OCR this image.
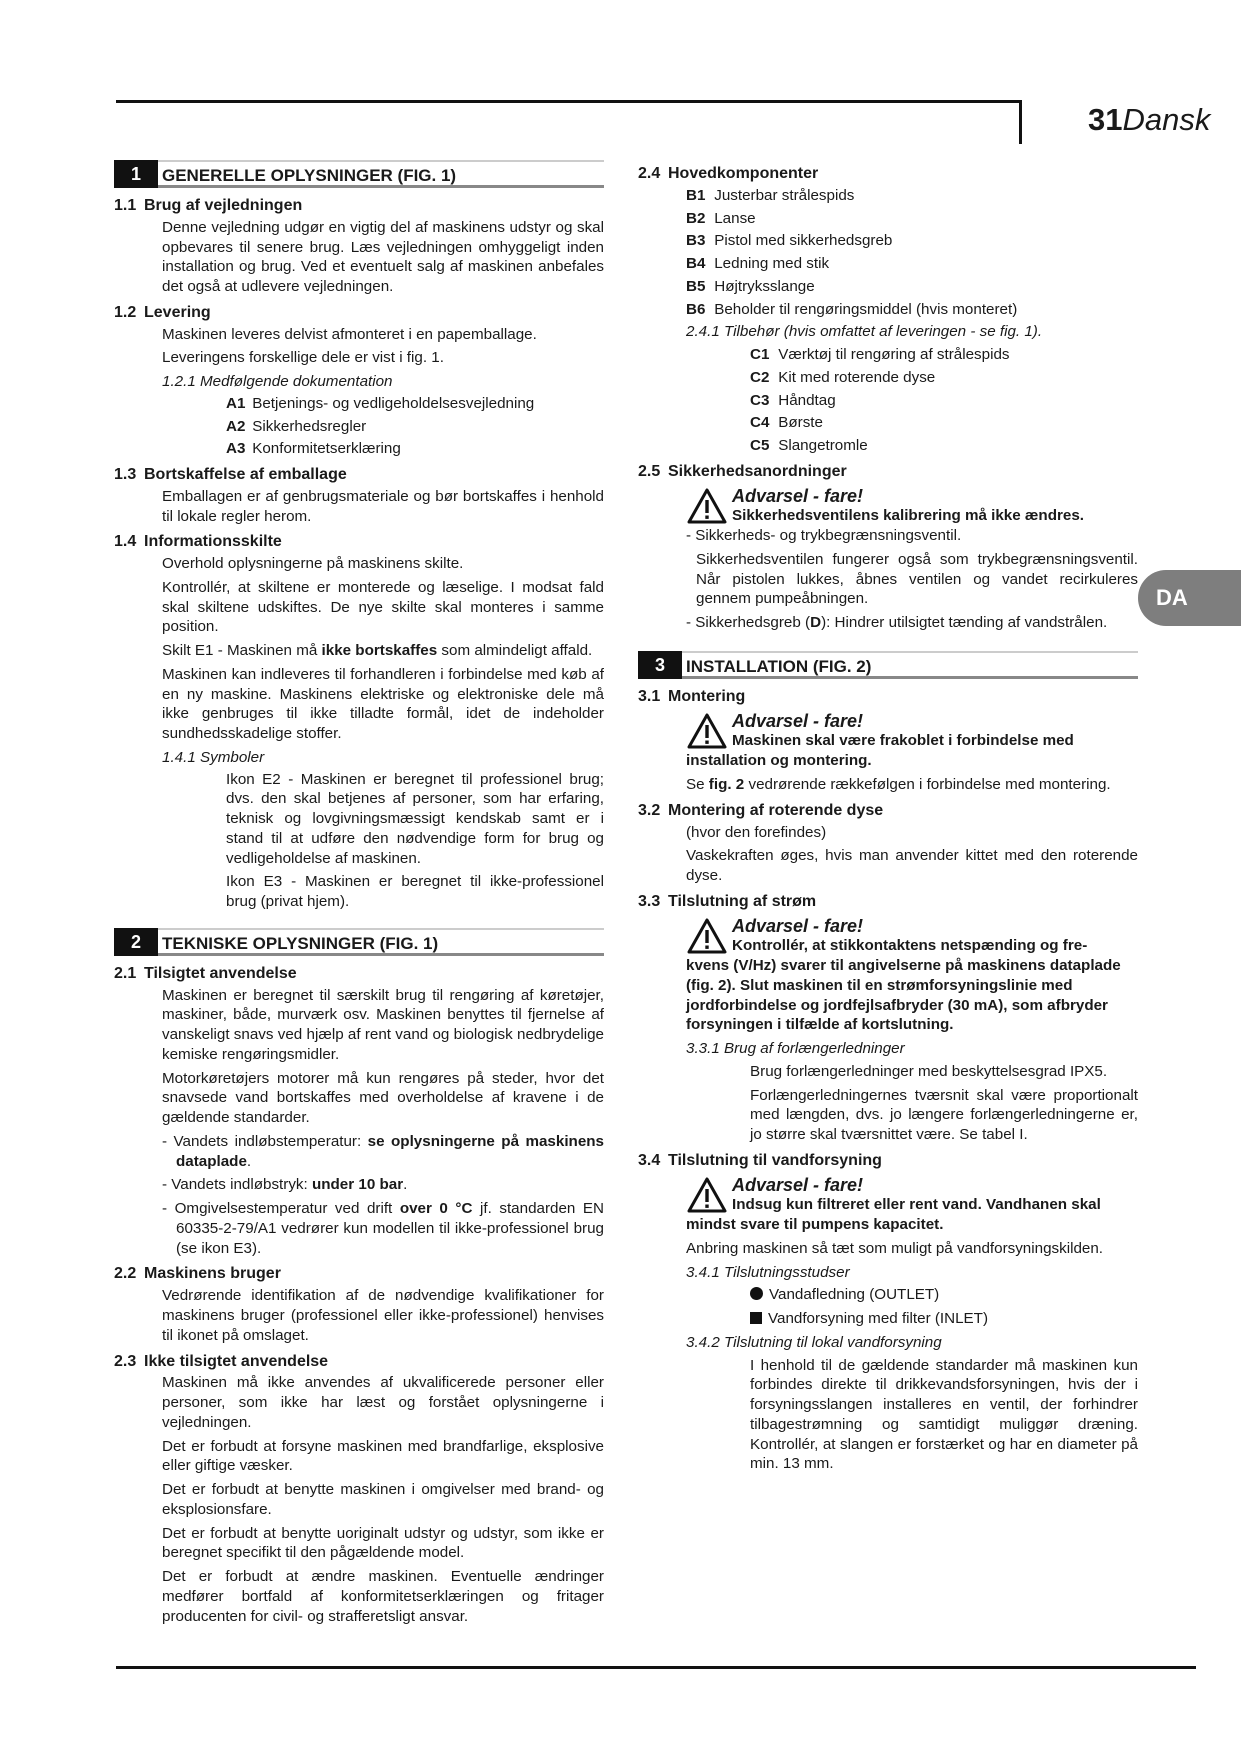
31Dansk
DA
1	GENERELLE OPLYSNINGER (FIG. 1)
1.1 Brug af vejledningen
Denne vejledning udgør en vigtig del af maskinens udstyr og skal opbevares til senere brug. Læs vejledningen omhyggeligt inden installation og brug. Ved et eventuelt salg af maskinen anbefales det også at udlevere vejledningen.
1.2 Levering
Maskinen leveres delvist afmonteret i en papemballage.
Leveringens forskellige dele er vist i fig. 1.
1.2.1 Medfølgende dokumentation
A1 Betjenings- og vedligeholdelsesvejledning
A2 Sikkerhedsregler
A3 Konformitetserklæring
1.3 Bortskaffelse af emballage
Emballagen er af genbrugsmateriale og bør bortskaffes i henhold til lokale regler herom.
1.4 Informationsskilte
Overhold oplysningerne på maskinens skilte.
Kontrollér, at skiltene er monterede og læselige. I modsat fald skal skiltene udskiftes. De nye skilte skal monteres i samme position.
Skilt E1 - Maskinen må ikke bortskaffes som almindeligt affald.
Maskinen kan indleveres til forhandleren i forbindelse med køb af en ny maskine. Maskinens elektriske og elektroniske dele må ikke genbruges til ikke tilladte formål, idet de indeholder sundhedsskadelige stoffer.
1.4.1 Symboler
Ikon E2 - Maskinen er beregnet til professionel brug; dvs. den skal betjenes af personer, som har erfaring, teknisk og lovgivningsmæssigt kendskab samt er i stand til at udføre den nødvendige form for brug og vedligeholdelse af maskinen.
Ikon E3 - Maskinen er beregnet til ikke-professionel brug (privat hjem).
2	TEKNISKE OPLYSNINGER (FIG. 1)
2.1 Tilsigtet anvendelse
Maskinen er beregnet til særskilt brug til rengøring af køretøjer, maskiner, både, murværk osv. Maskinen benyttes til fjernelse af vanskeligt snavs ved hjælp af rent vand og biologisk nedbrydelige kemiske rengøringsmidler.
Motorkøretøjers motorer må kun rengøres på steder, hvor det snavsede vand bortskaffes med overholdelse af kravene i de gældende standarder.
- Vandets indløbstemperatur: se oplysningerne på maskinens dataplade.
- Vandets indløbstryk: under 10 bar.
- Omgivelsestemperatur ved drift over 0 °C jf. standarden EN 60335-2-79/A1 vedrører kun modellen til ikke-professionel brug (se ikon E3).
2.2 Maskinens bruger
Vedrørende identifikation af de nødvendige kvalifikationer for maskinens bruger (professionel eller ikke-professionel) henvises til ikonet på omslaget.
2.3 Ikke tilsigtet anvendelse
Maskinen må ikke anvendes af ukvalificerede personer eller personer, som ikke har læst og forstået oplysningerne i vejledningen.
Det er forbudt at forsyne maskinen med brandfarlige, eksplosive eller giftige væsker.
Det er forbudt at benytte maskinen i omgivelser med brand- og eksplosionsfare.
Det er forbudt at benytte uoriginalt udstyr og udstyr, som ikke er beregnet specifikt til den pågældende model.
Det er forbudt at ændre maskinen. Eventuelle ændringer medfører bortfald af konformitetserklæringen og fritager producenten for civil- og strafferetsligt ansvar.
2.4 Hovedkomponenter
B1 Justerbar strålespids
B2 Lanse
B3 Pistol med sikkerhedsgreb
B4 Ledning med stik
B5 Højtryksslange
B6 Beholder til rengøringsmiddel (hvis monteret)
2.4.1 Tilbehør (hvis omfattet af leveringen - se fig. 1).
C1 Værktøj til rengøring af strålespids
C2 Kit med roterende dyse
C3 Håndtag
C4 Børste
C5 Slangetromle
2.5 Sikkerhedsanordninger
Advarsel - fare!
Sikkerhedsventilens kalibrering må ikke ændres.
- Sikkerheds- og trykbegrænsningsventil.
Sikkerhedsventilen fungerer også som trykbegrænsningsventil. Når pistolen lukkes, åbnes ventilen og vandet recirkuleres gennem pumpeåbningen.
- Sikkerhedsgreb (D): Hindrer utilsigtet tænding af vandstrålen.
3	INSTALLATION (FIG. 2)
3.1 Montering
Advarsel - fare!
Maskinen skal være frakoblet i forbindelse med
installation og montering.
Se fig. 2 vedrørende rækkefølgen i forbindelse med montering.
3.2 Montering af roterende dyse
(hvor den forefindes)
Vaskekraften øges, hvis man anvender kittet med den roterende dyse.
3.3 Tilslutning af strøm
Advarsel - fare!
Kontrollér, at stikkontaktens netspænding og fre-
kvens (V/Hz) svarer til angivelserne på maskinens dataplade (fig. 2). Slut maskinen til en strømforsyningslinie med jordforbindelse og jordfejlsafbryder (30 mA), som afbryder forsyningen i tilfælde af kortslutning.
3.3.1 Brug af forlængerledninger
Brug forlængerledninger med beskyttelsesgrad IPX5.
Forlængerledningernes tværsnit skal være proportionalt med længden, dvs. jo længere forlængerledningerne er, jo større skal tværsnittet være. Se tabel I.
3.4 Tilslutning til vandforsyning
Advarsel - fare!
Indsug kun filtreret eller rent vand. Vandhanen skal
mindst svare til pumpens kapacitet.
Anbring maskinen så tæt som muligt på vandforsyningskilden.
3.4.1 Tilslutningsstudser
Vandafledning (OUTLET)
Vandforsyning med filter (INLET)
3.4.2 Tilslutning til lokal vandforsyning
I henhold til de gældende standarder må maskinen kun forbindes direkte til drikkevandsforsyningen, hvis der i forsyningsslangen installeres en ventil, der forhindrer tilbagestrømning og samtidigt muliggør dræning. Kontrollér, at slangen er forstærket og har en diameter på min. 13 mm.
